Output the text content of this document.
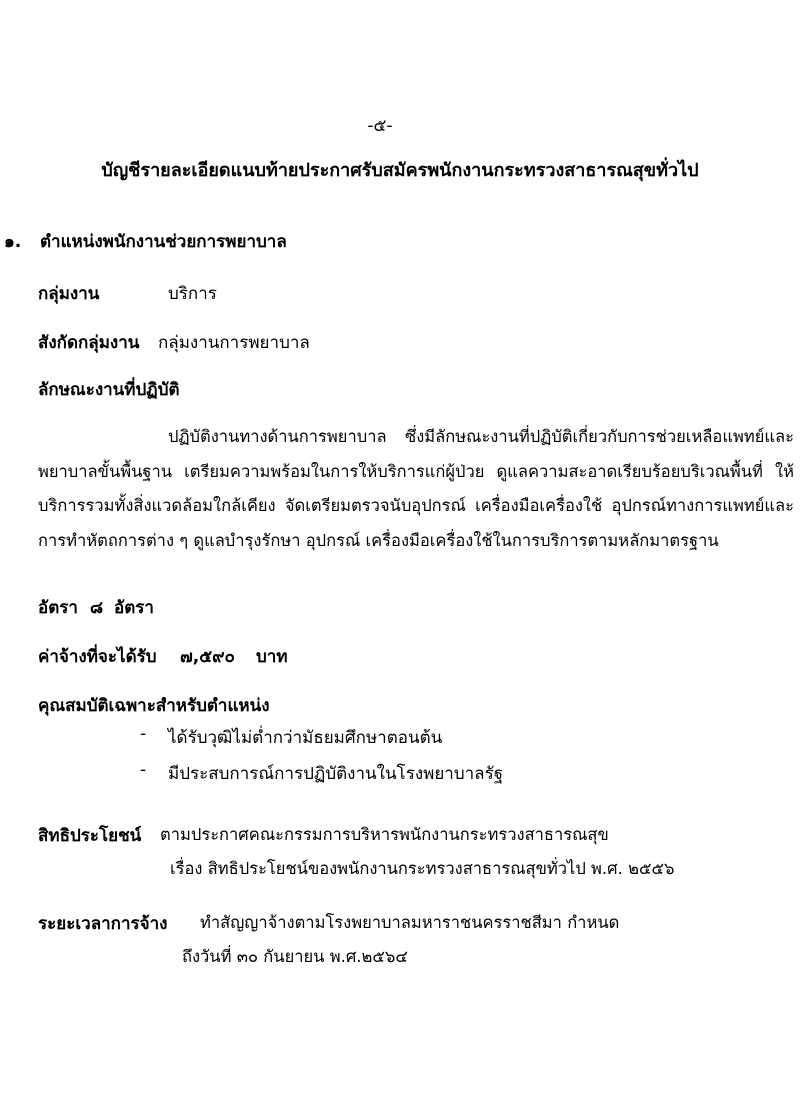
-๕-
บัญชีรายละเอียดแนบท้ายประกาศรับสมัครพนักงานกระทรวงสาธารณสุขทั่วไป
๑. ตำแหน่งพนักงานช่วยการพยาบาล
กลุ่มงาน	บริการ
สังกัดกลุ่มงาน กลุ่มงานการพยาบาล
ลักษณะงานที่ปฏิบัติ
ปฏิบัติงานทางด้านการพยาบาล ซึ่งมีลักษณะงานที่ปฏิบัติเกี่ยวกับการช่วยเหลือแพทย์และพยาบาลขั้นพื้นฐาน เตรียมความพร้อมในการให้บริการแก่ผู้ป่วย ดูแลความสะอาดเรียบร้อยบริเวณพื้นที่ ให้บริการรวมทั้งสิ่งแวดล้อมใกล้เคียง จัดเตรียมตรวจนับอุปกรณ์ เครื่องมือเครื่องใช้ อุปกรณ์ทางการแพทย์และการทำหัตถการต่าง ๆ ดูแลบำรุงรักษา อุปกรณ์ เครื่องมือเครื่องใช้ในการบริการตามหลักมาตรฐาน
อัตรา ๘ อัตรา
ค่าจ้างที่จะได้รับ ๗,๕๙๐ บาท
คุณสมบัติเฉพาะสำหรับตำแหน่ง
- ได้รับวุฒิไม่ต่ำกว่ามัธยมศึกษาตอนต้น
- มีประสบการณ์การปฏิบัติงานในโรงพยาบาลรัฐ
สิทธิประโยชน์ ตามประกาศคณะกรรมการบริหารพนักงานกระทรวงสาธารณสุข
เรื่อง สิทธิประโยชน์ของพนักงานกระทรวงสาธารณสุขทั่วไป พ.ศ. ๒๕๕๖
ระยะเวลาการจ้าง ทำสัญญาจ้างตามโรงพยาบาลมหาราชนครราชสีมา กำหนด
ถึงวันที่ ๓๐ กันยายน พ.ศ.๒๕๖๔
